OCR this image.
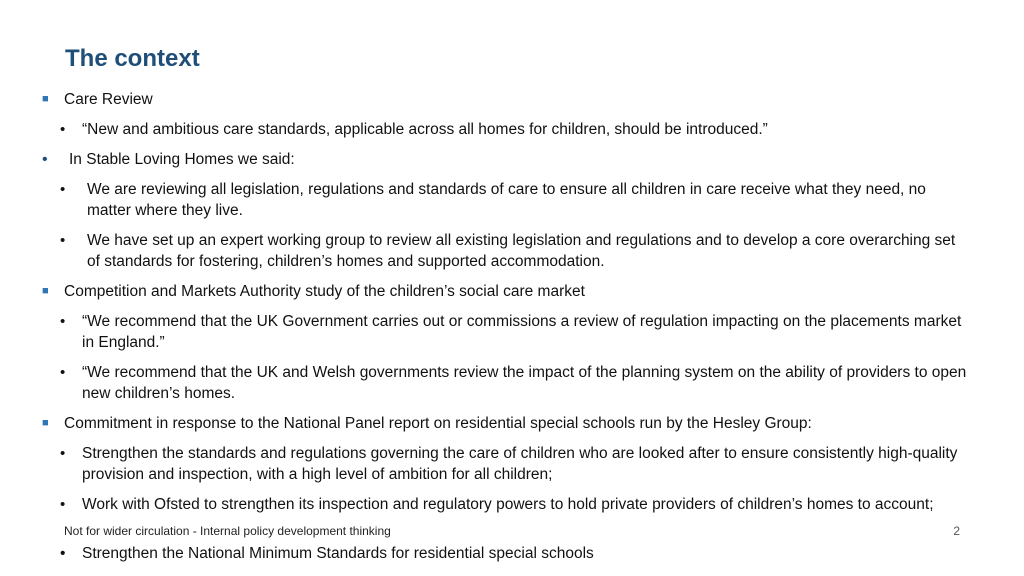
The context
■ Care Review
• “New and ambitious care standards, applicable across all homes for children, should be introduced.”
• In Stable Loving Homes we said:
• We are reviewing all legislation, regulations and standards of care to ensure all children in care receive what they need, no matter where they live.
• We have set up an expert working group to review all existing legislation and regulations and to develop a core overarching set of standards for fostering, children’s homes and supported accommodation.
■ Competition and Markets Authority study of the children’s social care market
• “We recommend that the UK Government carries out or commissions a review of regulation impacting on the placements market in England.”
• “We recommend that the UK and Welsh governments review the impact of the planning system on the ability of providers to open new children’s homes.
■ Commitment in response to the National Panel report on residential special schools run by the Hesley Group:
• Strengthen the standards and regulations governing the care of children who are looked after to ensure consistently high-quality provision and inspection, with a high level of ambition for all children;
• Work with Ofsted to strengthen its inspection and regulatory powers to hold private providers of children’s homes to account;
• Strengthen the National Minimum Standards for residential special schools
Not for wider circulation - Internal policy development thinking	2
